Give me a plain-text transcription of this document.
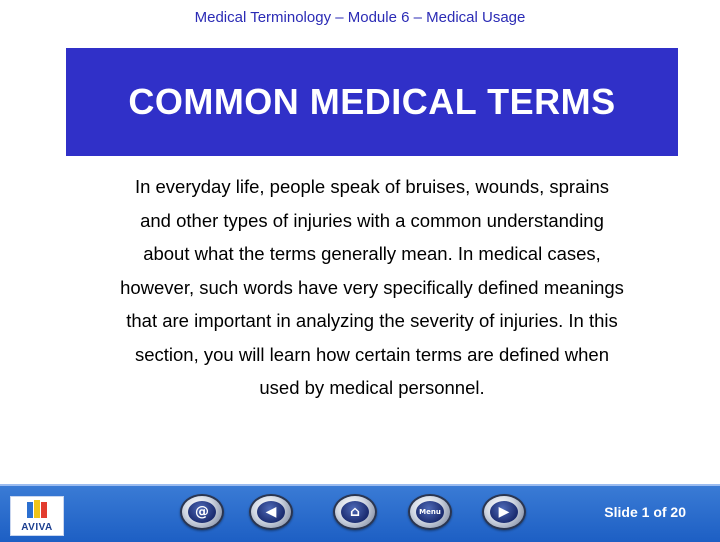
Medical Terminology – Module 6 – Medical Usage
COMMON MEDICAL TERMS
In everyday life, people speak of bruises, wounds, sprains and other types of injuries with a common understanding about what the terms generally mean. In medical cases, however, such words have very specifically defined meanings that are important in analyzing the severity of injuries. In this section, you will learn how certain terms are defined when used by medical personnel.
AVIVA
@	◀	⌂	Menu	▶	Slide 1 of 20
